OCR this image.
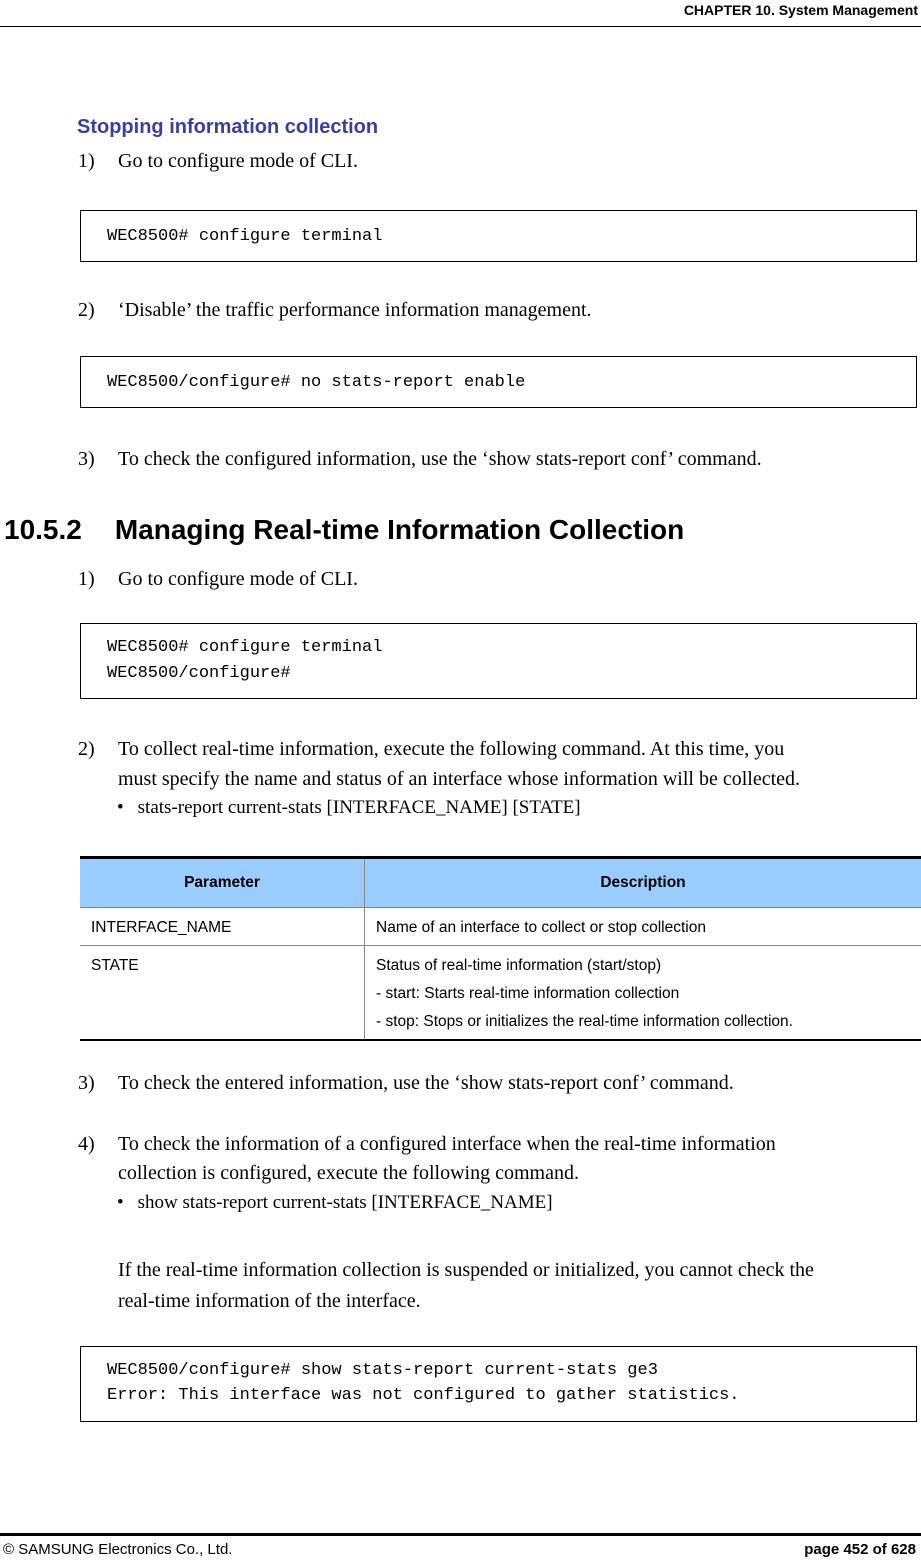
CHAPTER 10. System Management
Stopping information collection
1) Go to configure mode of CLI.
WEC8500# configure terminal
2) ‘Disable’ the traffic performance information management.
WEC8500/configure# no stats-report enable
3) To check the configured information, use the ‘show stats-report conf’ command.
10.5.2 Managing Real-time Information Collection
1) Go to configure mode of CLI.
WEC8500# configure terminal
WEC8500/configure#
2) To collect real-time information, execute the following command. At this time, you
must specify the name and status of an interface whose information will be collected.
• stats-report current-stats [INTERFACE_NAME] [STATE]
Parameter	Description
INTERFACE_NAME	Name of an interface to collect or stop collection

STATE	Status of real-time information (start/stop)
- start: Starts real-time information collection
- stop: Stops or initializes the real-time information collection.
3) To check the entered information, use the ‘show stats-report conf’ command.
4) To check the information of a configured interface when the real-time information
collection is configured, execute the following command.
• show stats-report current-stats [INTERFACE_NAME]
If the real-time information collection is suspended or initialized, you cannot check the
real-time information of the interface.
WEC8500/configure# show stats-report current-stats ge3
Error: This interface was not configured to gather statistics.
© SAMSUNG Electronics Co., Ltd.	page 452 of 628
